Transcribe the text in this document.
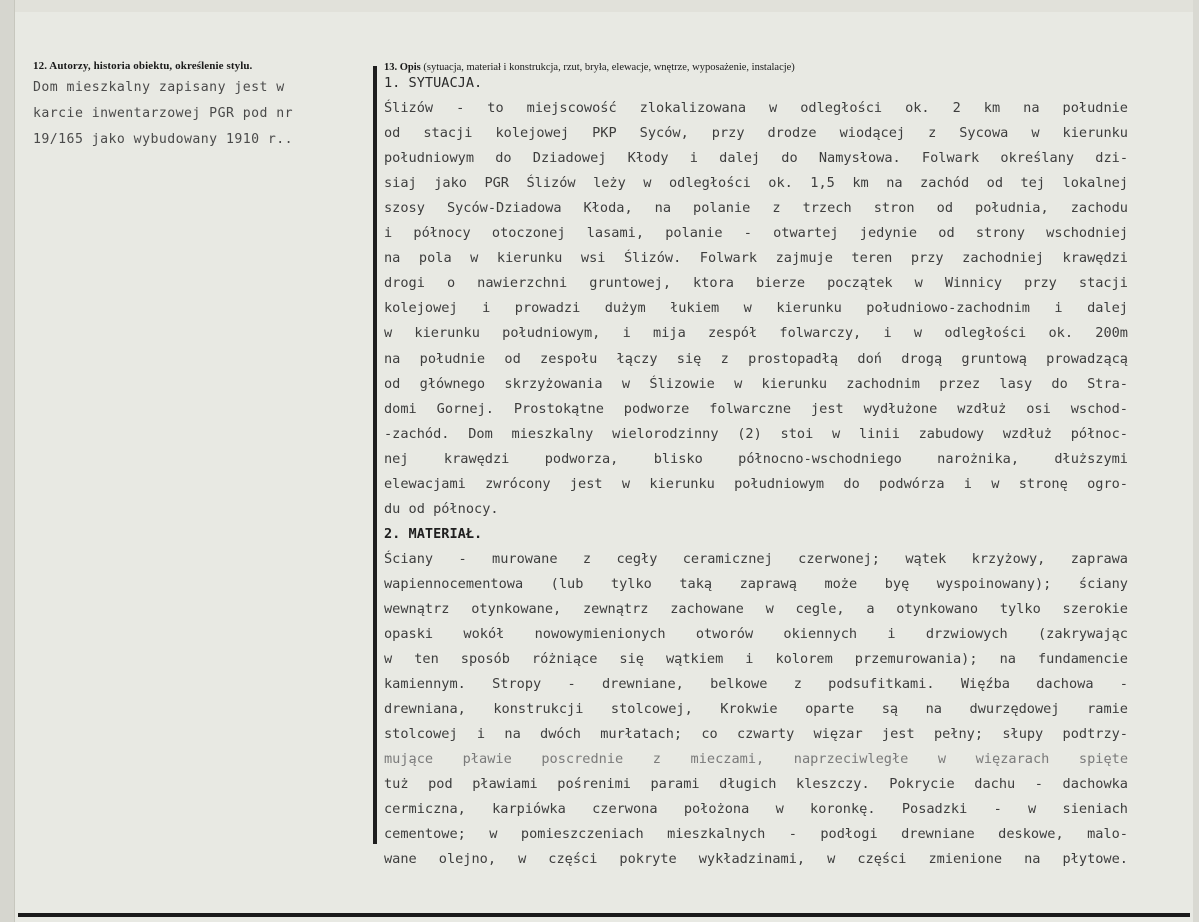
12. Autorzy, historia obiektu, określenie stylu.
Dom mieszkalny zapisany jest w
karcie inwentarzowej PGR pod nr
19/165 jako wybudowany 1910 r..
13. Opis (sytuacja, materiał i konstrukcja, rzut, bryła, elewacje, wnętrze, wyposażenie, instalacje)
1. SYTUACJA.
Ślizów - to miejscowość zlokalizowana w odległości ok. 2 km na południe
od stacji kolejowej PKP Syców, przy drodze wiodącej z Sycowa w kierunku
południowym do Dziadowej Kłody i dalej do Namysłowa. Folwark określany dzi-
siaj jako PGR Ślizów leży w odległości ok. 1,5 km na zachód od tej lokalnej
szosy Syców-Dziadowa Kłoda, na polanie z trzech stron od południa, zachodu
i północy otoczonej lasami, polanie - otwartej jedynie od strony wschodniej
na pola w kierunku wsi Ślizów. Folwark zajmuje teren przy zachodniej krawędzi
drogi o nawierzchni gruntowej, ktora bierze początek w Winnicy przy stacji
kolejowej i prowadzi dużym łukiem w kierunku południowo-zachodnim i dalej
w kierunku południowym, i mija zespół folwarczy, i w odległości ok. 200m
na południe od zespołu łączy się z prostopadłą doń drogą gruntową prowadzącą
od głównego skrzyżowania w Ślizowie w kierunku zachodnim przez lasy do Stra-
domi Gornej. Prostokątne podworze folwarczne jest wydłużone wzdłuż osi wschod-
-zachód. Dom mieszkalny wielorodzinny (2) stoi w linii zabudowy wzdłuż północ-
nej krawędzi podworza, blisko północno-wschodniego narożnika, dłuższymi
elewacjami zwrócony jest w kierunku południowym do podwórza i w stronę ogro-
du od północy.
2. MATERIAŁ.
Ściany - murowane z cegły ceramicznej czerwonej; wątek krzyżowy, zaprawa
wapiennocementowa (lub tylko taką zaprawą może byę wyspoinowany); ściany
wewnątrz otynkowane, zewnątrz zachowane w cegle, a otynkowano tylko szerokie
opaski wokół nowowymienionych otworów okiennych i drzwiowych (zakrywając
w ten sposób różniące się wątkiem i kolorem przemurowania); na fundamencie
kamiennym. Stropy - drewniane, belkowe z podsufitkami. Więźba dachowa -
drewniana, konstrukcji stolcowej, Krokwie oparte są na dwurzędowej ramie
stolcowej i na dwóch murłatach; co czwarty więzar jest pełny; słupy podtrzy-
mujące pławie poscrednie z mieczami, naprzeciwległe w więzarach spięte
tuż pod pławiami pośrenimi parami długich kleszczy. Pokrycie dachu - dachowka
cermiczna, karpiówka czerwona położona w koronkę. Posadzki - w sieniach
cementowe; w pomieszczeniach mieszkalnych - podłogi drewniane deskowe, malo-
wane olejno, w części pokryte wykładzinami, w części zmienione na płytowe.
